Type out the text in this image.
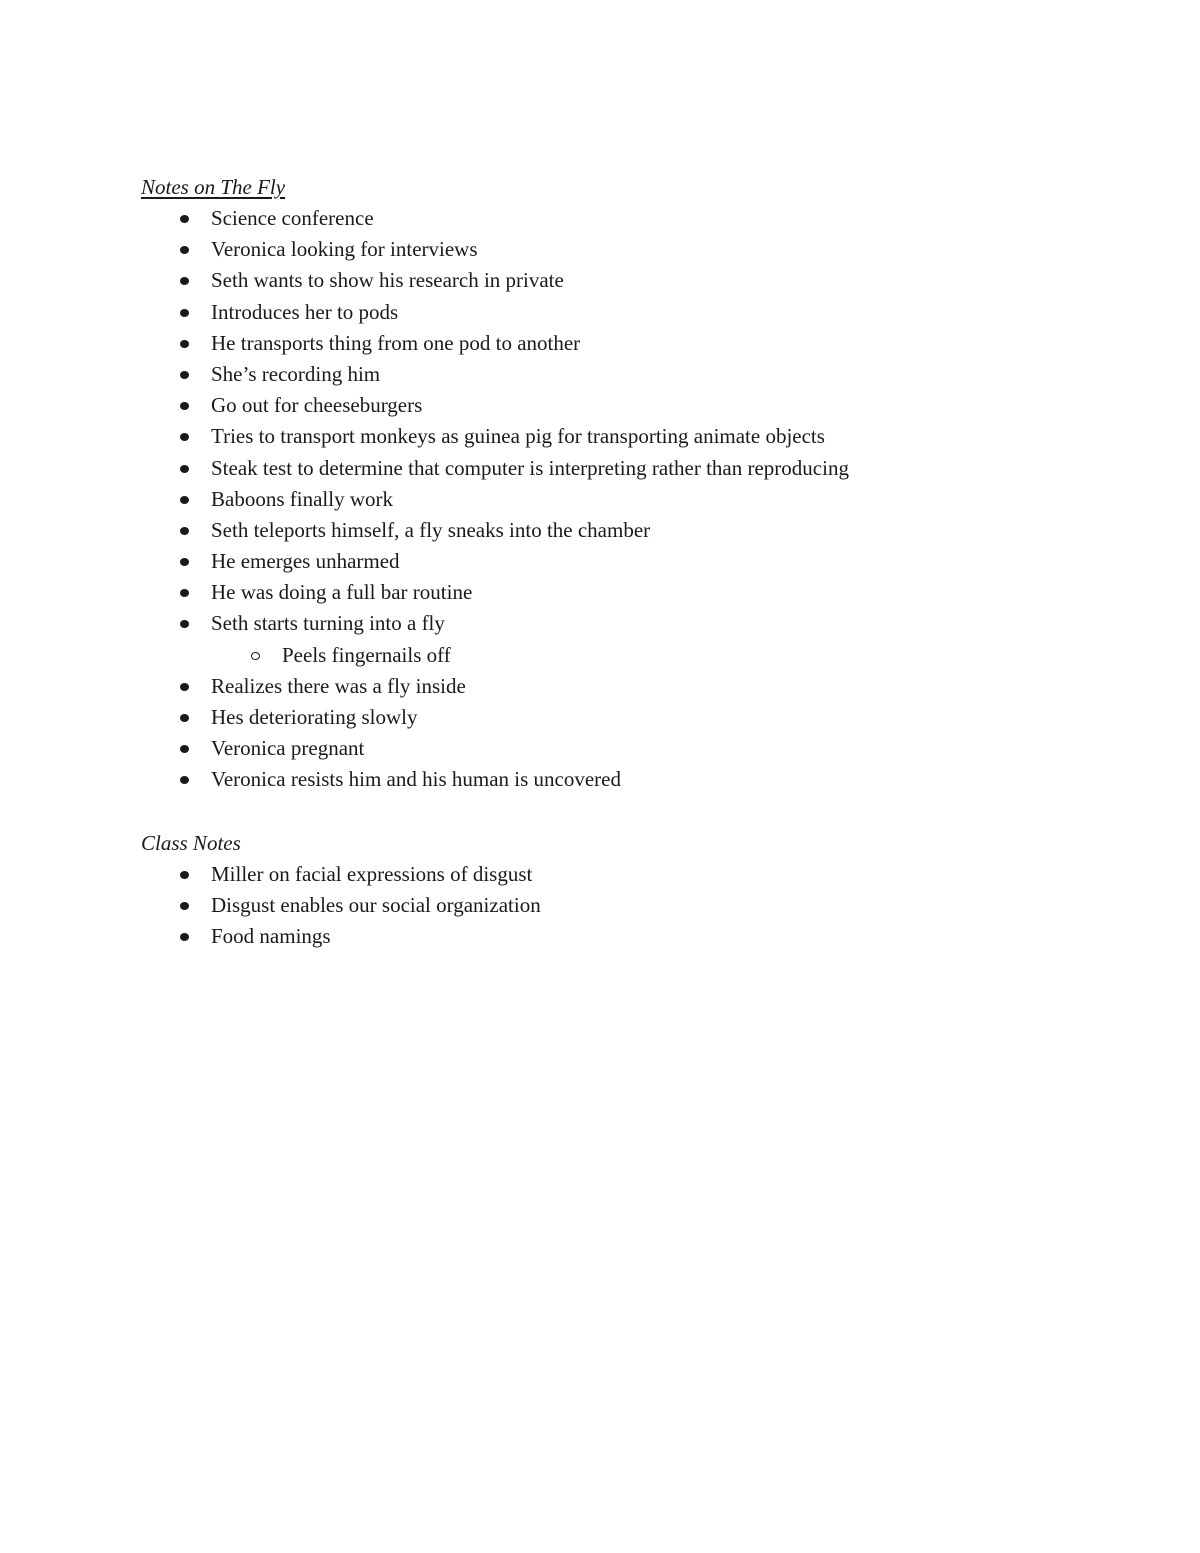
Notes on The Fly
Science conference
Veronica looking for interviews
Seth wants to show his research in private
Introduces her to pods
He transports thing from one pod to another
She’s recording him
Go out for cheeseburgers
Tries to transport monkeys as guinea pig for transporting animate objects
Steak test to determine that computer is interpreting rather than reproducing
Baboons finally work
Seth teleports himself, a fly sneaks into the chamber
He emerges unharmed
He was doing a full bar routine
Seth starts turning into a fly
Peels fingernails off
Realizes there was a fly inside
Hes deteriorating slowly
Veronica pregnant
Veronica resists him and his human is uncovered
Class Notes
Miller on facial expressions of disgust
Disgust enables our social organization
Food namings
